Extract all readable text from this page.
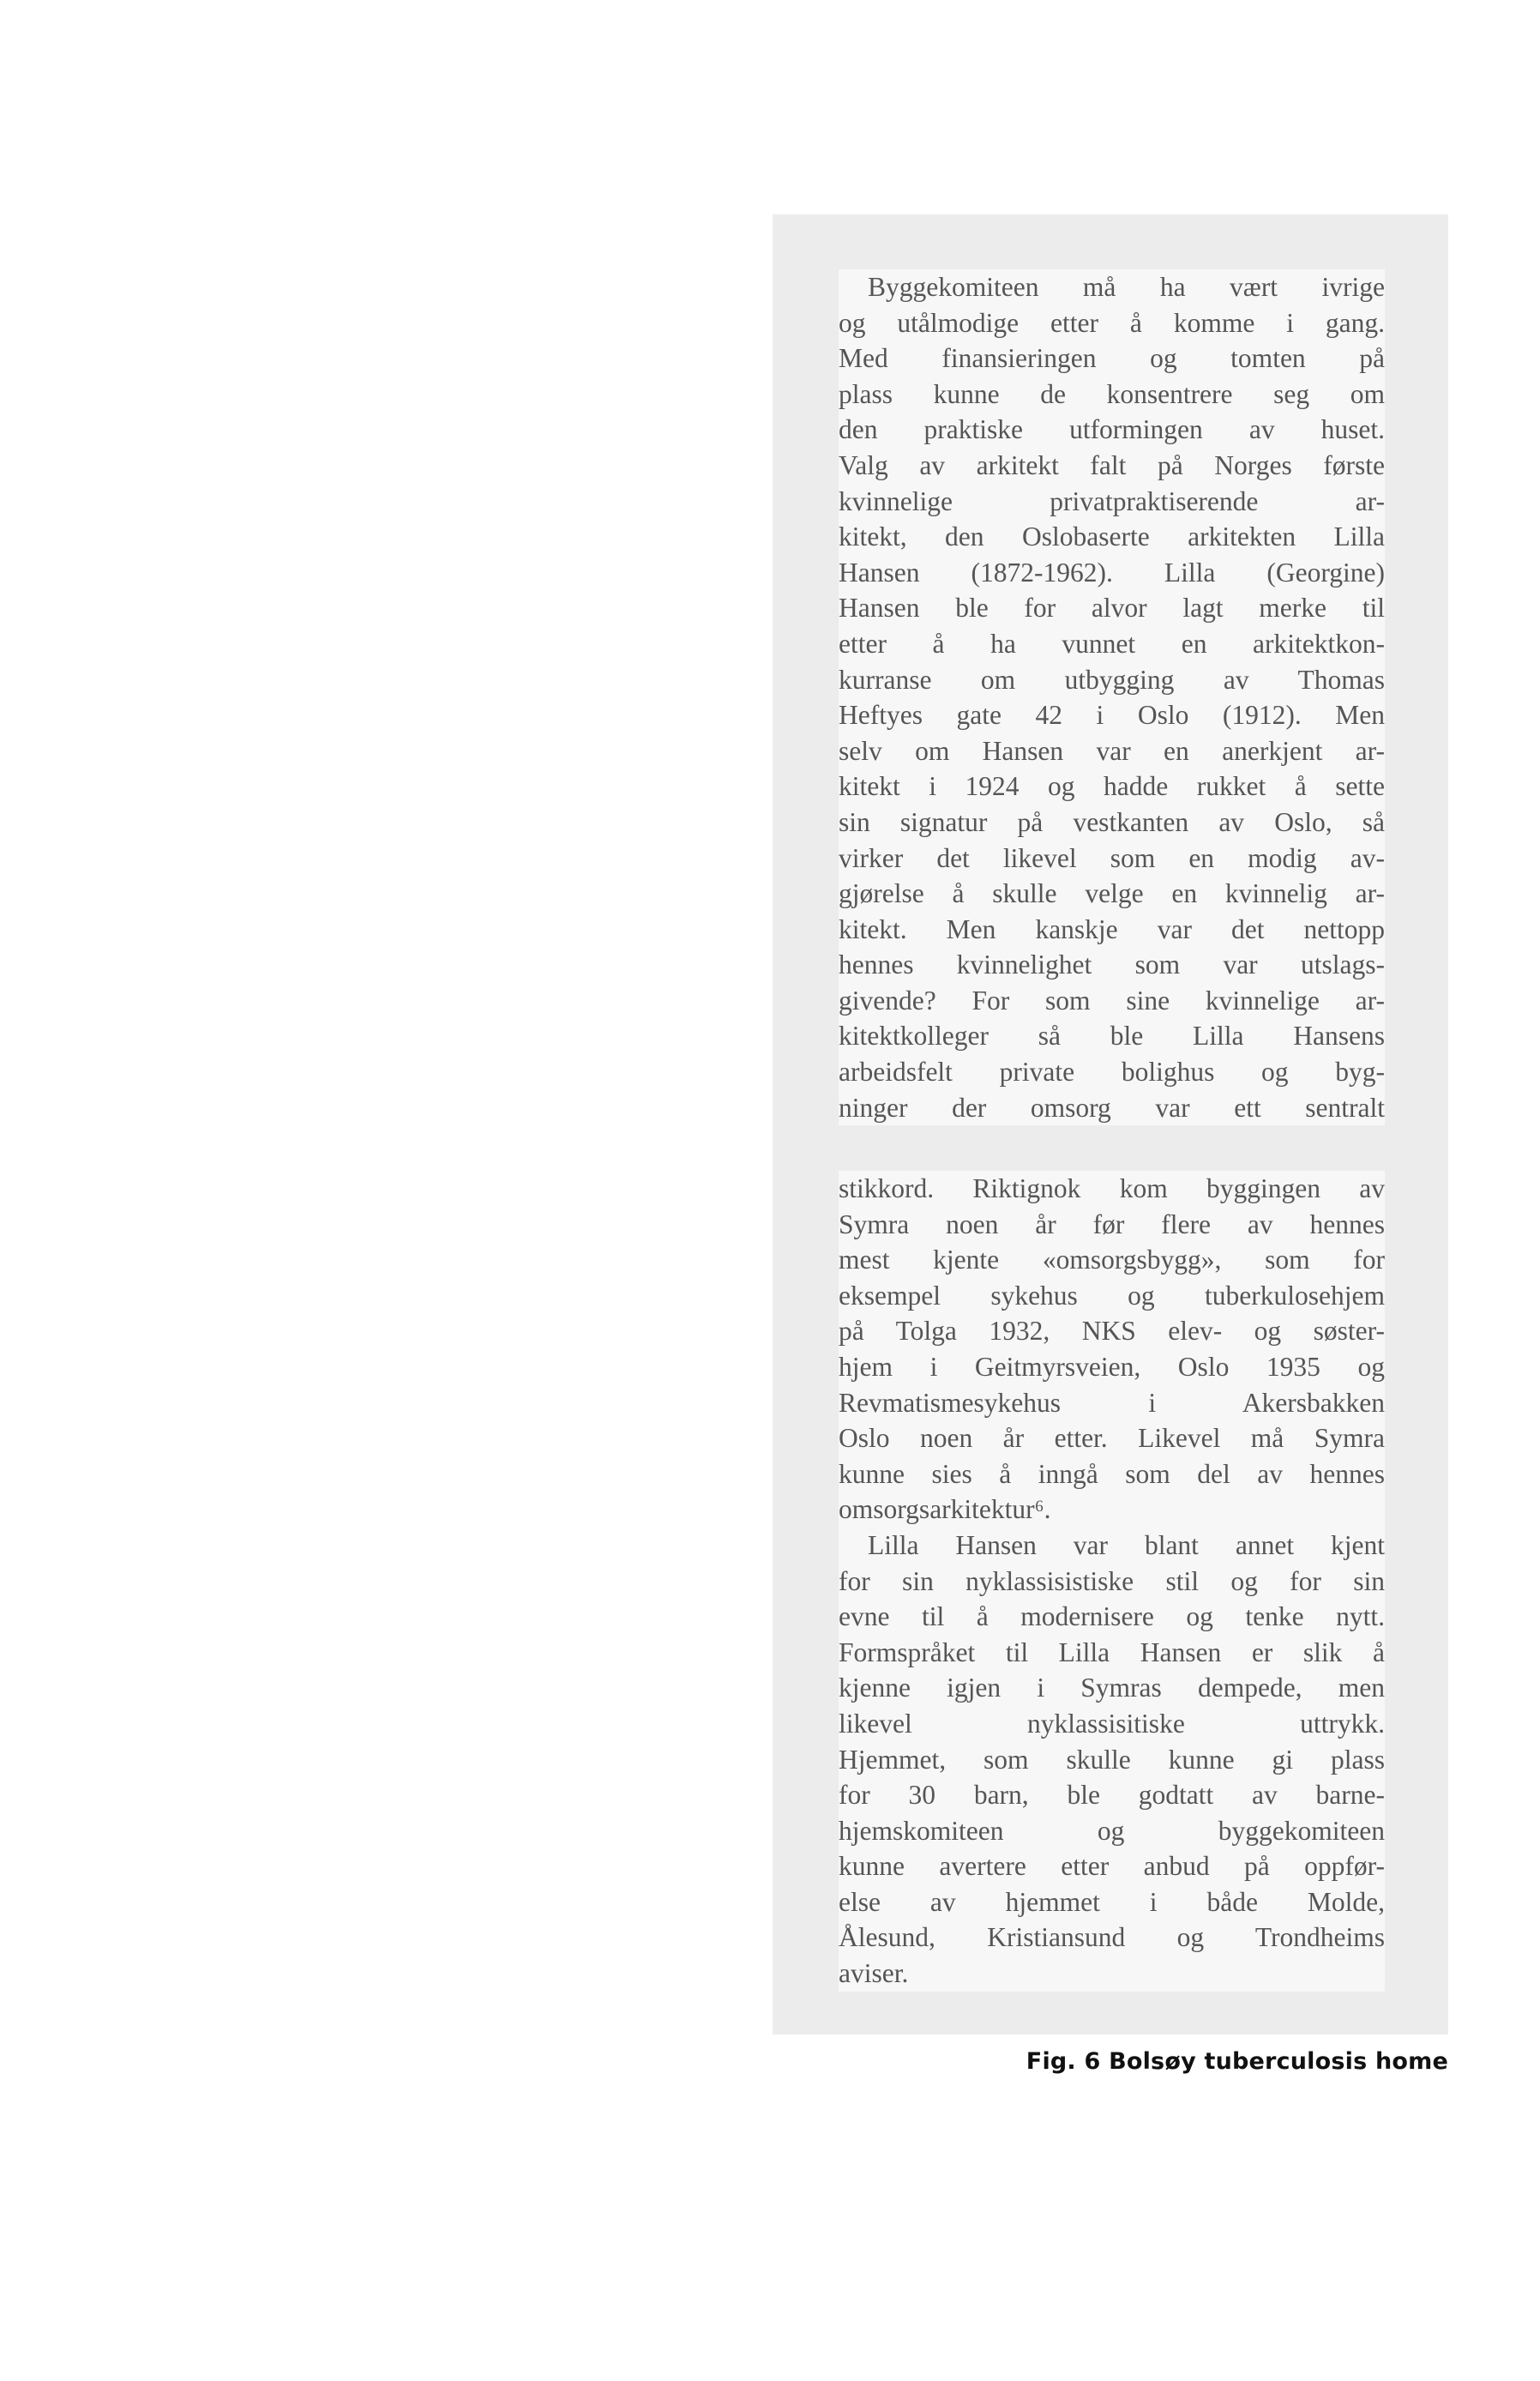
Byggekomiteen må ha vært ivrige
og utålmodige etter å komme i gang.
Med finansieringen og tomten på
plass kunne de konsentrere seg om
den praktiske utformingen av huset.
Valg av arkitekt falt på Norges første
kvinnelige privatpraktiserende ar-
kitekt, den Oslobaserte arkitekten Lilla
Hansen (1872-1962). Lilla (Georgine)
Hansen ble for alvor lagt merke til
etter å ha vunnet en arkitektkon-
kurranse om utbygging av Thomas
Heftyes gate 42 i Oslo (1912). Men
selv om Hansen var en anerkjent ar-
kitekt i 1924 og hadde rukket å sette
sin signatur på vestkanten av Oslo, så
virker det likevel som en modig av-
gjørelse å skulle velge en kvinnelig ar-
kitekt. Men kanskje var det nettopp
hennes kvinnelighet som var utslags-
givende? For som sine kvinnelige ar-
kitektkolleger så ble Lilla Hansens
arbeidsfelt private bolighus og byg-
ninger der omsorg var ett sentralt
stikkord. Riktignok kom byggingen av
Symra noen år før flere av hennes
mest kjente «omsorgsbygg», som for
eksempel sykehus og tuberkulosehjem
på Tolga 1932, NKS elev- og søster-
hjem i Geitmyrsveien, Oslo 1935 og
Revmatismesykehus i Akersbakken
Oslo noen år etter. Likevel må Symra
kunne sies å inngå som del av hennes
omsorgsarkitektur⁶.
Lilla Hansen var blant annet kjent
for sin nyklassisistiske stil og for sin
evne til å modernisere og tenke nytt.
Formspråket til Lilla Hansen er slik å
kjenne igjen i Symras dempede, men
likevel nyklassisitiske uttrykk.
Hjemmet, som skulle kunne gi plass
for 30 barn, ble godtatt av barne-
hjemskomiteen og byggekomiteen
kunne avertere etter anbud på oppfør-
else av hjemmet i både Molde,
Ålesund, Kristiansund og Trondheims
aviser.
Fig. 6 Bolsøy tuberculosis home
